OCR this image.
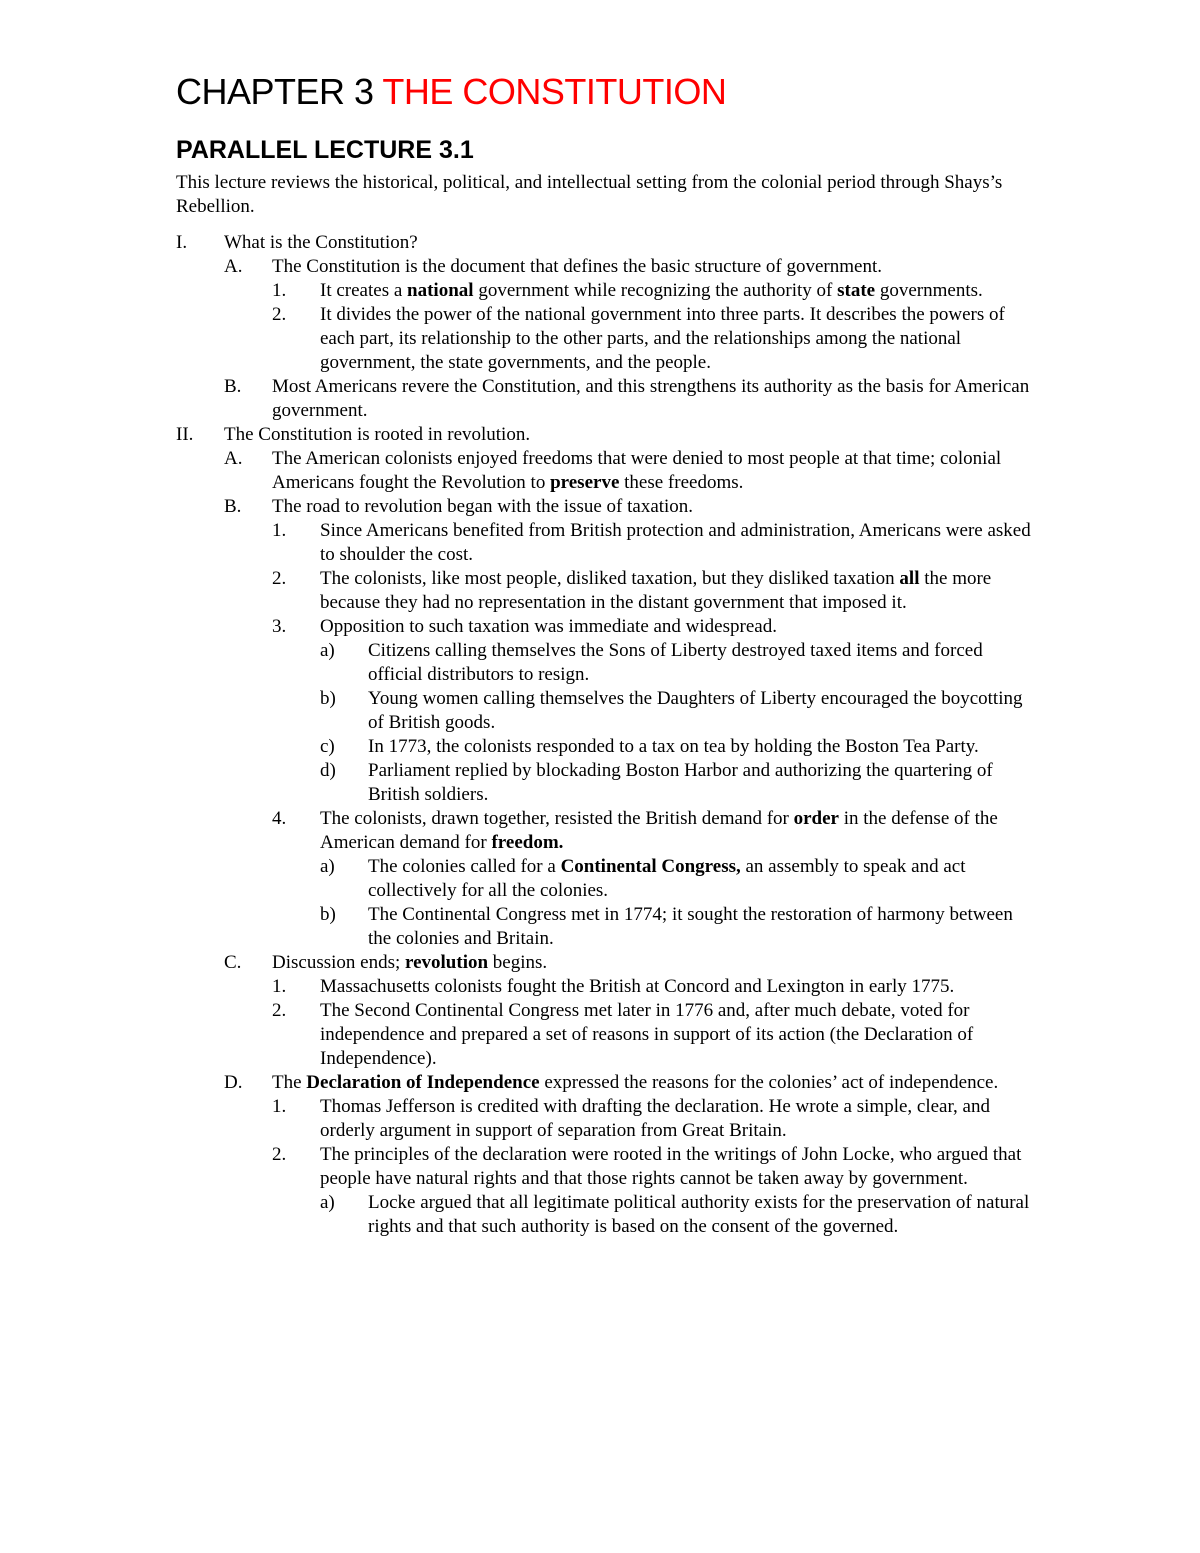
CHAPTER 3 THE CONSTITUTION
PARALLEL LECTURE 3.1

This lecture reviews the historical, political, and intellectual setting from the colonial period through Shays’s Rebellion.

I. What is the Constitution?
A. The Constitution is the document that defines the basic structure of government.
1. It creates a national government while recognizing the authority of state governments.
2. It divides the power of the national government into three parts. It describes the powers of each part, its relationship to the other parts, and the relationships among the national government, the state governments, and the people.
B. Most Americans revere the Constitution, and this strengthens its authority as the basis for American government.
II. The Constitution is rooted in revolution.
A. The American colonists enjoyed freedoms that were denied to most people at that time; colonial Americans fought the Revolution to preserve these freedoms.
B. The road to revolution began with the issue of taxation.
1. Since Americans benefited from British protection and administration, Americans were asked to shoulder the cost.
2. The colonists, like most people, disliked taxation, but they disliked taxation all the more because they had no representation in the distant government that imposed it.
3. Opposition to such taxation was immediate and widespread.
a) Citizens calling themselves the Sons of Liberty destroyed taxed items and forced official distributors to resign.
b) Young women calling themselves the Daughters of Liberty encouraged the boycotting of British goods.
c) In 1773, the colonists responded to a tax on tea by holding the Boston Tea Party.
d) Parliament replied by blockading Boston Harbor and authorizing the quartering of British soldiers.
4. The colonists, drawn together, resisted the British demand for order in the defense of the American demand for freedom.
a) The colonies called for a Continental Congress, an assembly to speak and act collectively for all the colonies.
b) The Continental Congress met in 1774; it sought the restoration of harmony between the colonies and Britain.
C. Discussion ends; revolution begins.
1. Massachusetts colonists fought the British at Concord and Lexington in early 1775.
2. The Second Continental Congress met later in 1776 and, after much debate, voted for independence and prepared a set of reasons in support of its action (the Declaration of Independence).
D. The Declaration of Independence expressed the reasons for the colonies’ act of independence.
1. Thomas Jefferson is credited with drafting the declaration. He wrote a simple, clear, and orderly argument in support of separation from Great Britain.
2. The principles of the declaration were rooted in the writings of John Locke, who argued that people have natural rights and that those rights cannot be taken away by government.
a) Locke argued that all legitimate political authority exists for the preservation of natural rights and that such authority is based on the consent of the governed.
